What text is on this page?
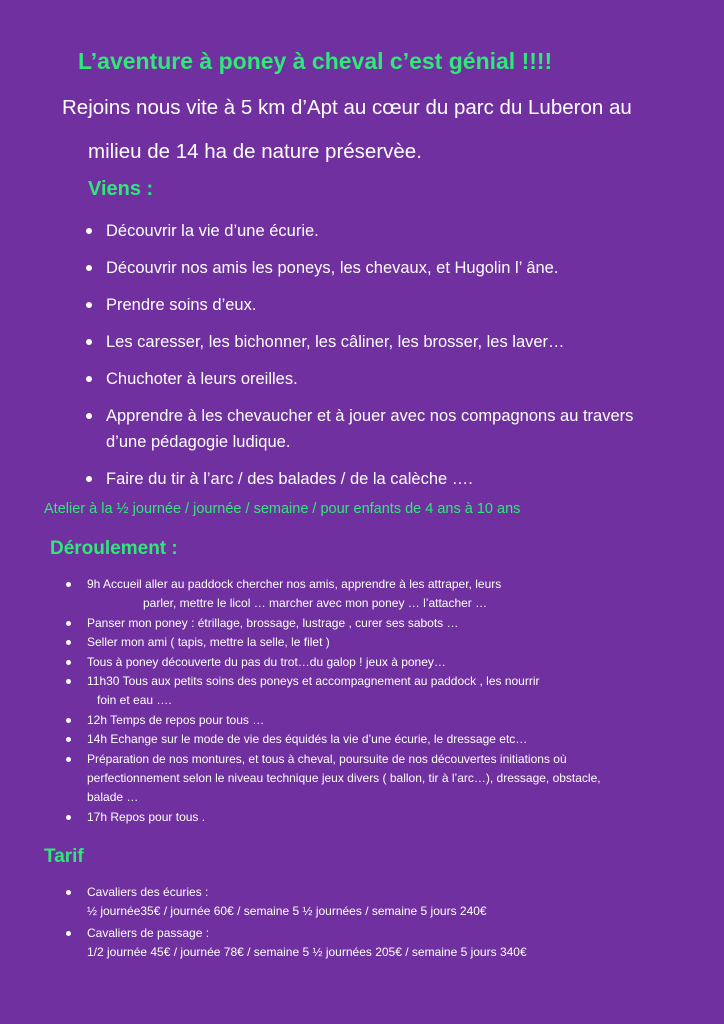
L’aventure à poney à cheval c’est génial !!!!

Rejoins nous vite à 5 km d’Apt au cœur du parc du Luberon au

milieu de 14 ha de nature préservèe.

Viens :
Découvrir la vie d’une écurie.
Découvrir nos amis les poneys, les chevaux, et Hugolin l’ âne.
Prendre soins d’eux.
Les caresser, les bichonner, les câliner, les brosser, les laver…
Chuchoter à leurs oreilles.
Apprendre à les chevaucher et à jouer avec nos compagnons au travers
d’une pédagogie ludique.
Faire du tir à l’arc / des balades / de la calèche ….

Atelier à la ½ journée / journée / semaine / pour enfants de 4 ans à 10 ans

Déroulement :
9h Accueil aller au paddock chercher nos amis, apprendre à les attraper, leurs
parler, mettre le licol … marcher avec mon poney … l’attacher …
Panser mon poney : étrillage, brossage, lustrage , curer ses sabots …
Seller mon ami ( tapis, mettre la selle, le filet )
Tous à poney découverte du pas du trot…du galop ! jeux à poney…
11h30 Tous aux petits soins des poneys et accompagnement au paddock , les nourrir
foin et eau ….
12h Temps de repos pour tous …
14h Echange sur le mode de vie des équidés la vie d’une écurie, le dressage etc…
Préparation de nos montures, et tous à cheval, poursuite de nos découvertes initiations où
perfectionnement selon le niveau technique jeux divers ( ballon, tir à l’arc…), dressage, obstacle,
balade …
17h Repos pour tous .
Tarif
Cavaliers des écuries :
½ journée35€ / journée 60€ / semaine 5 ½ journées / semaine 5 jours 240€
Cavaliers de passage :
1/2 journée 45€ / journée 78€ / semaine 5 ½ journées 205€ / semaine 5 jours 340€
